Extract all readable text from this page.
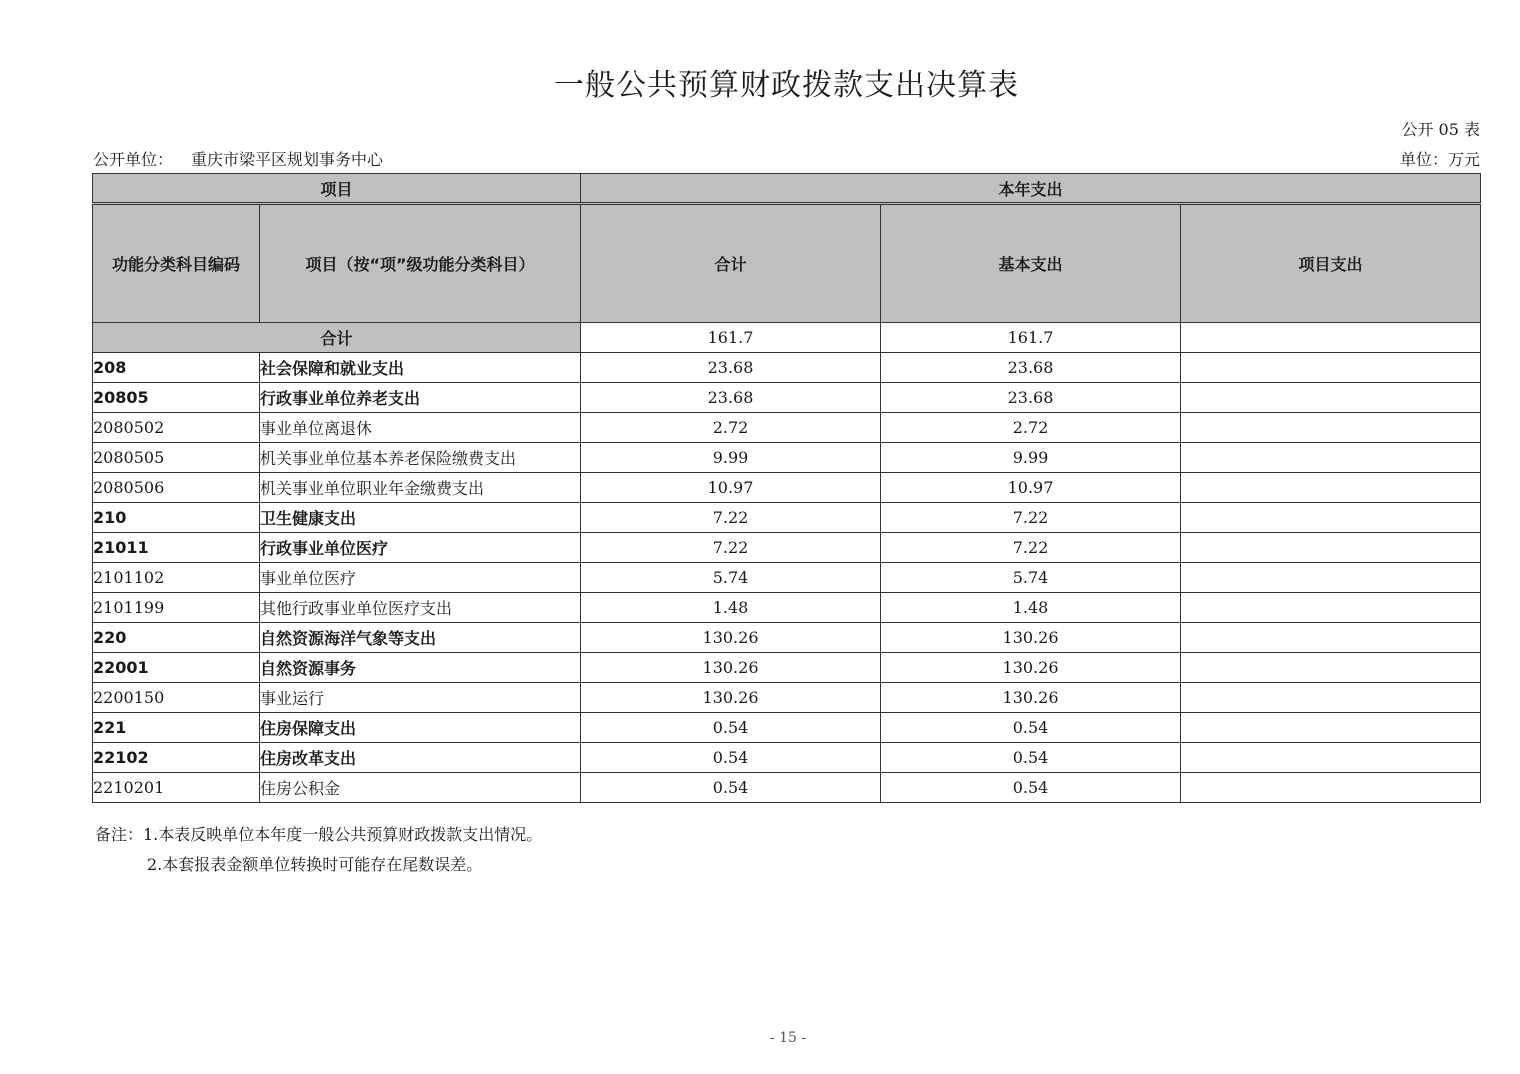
一般公共预算财政拨款支出决算表
公开 05 表
公开单位： 重庆市梁平区规划事务中心	单位：万元
项目		本年支出		
功能分类科目编码	项目（按“项”级功能分类科目）	合计	基本支出	项目支出
合计		161.7	161.7	
208	社会保障和就业支出	23.68	23.68	
20805	行政事业单位养老支出	23.68	23.68	
2080502	事业单位离退休	2.72	2.72	
2080505	机关事业单位基本养老保险缴费支出	9.99	9.99	
2080506	机关事业单位职业年金缴费支出	10.97	10.97	
210	卫生健康支出	7.22	7.22	
21011	行政事业单位医疗	7.22	7.22	
2101102	事业单位医疗	5.74	5.74	
2101199	其他行政事业单位医疗支出	1.48	1.48	
220	自然资源海洋气象等支出	130.26	130.26	
22001	自然资源事务	130.26	130.26	
2200150	事业运行	130.26	130.26	
221	住房保障支出	0.54	0.54	
22102	住房改革支出	0.54	0.54	
2210201	住房公积金	0.54	0.54	
备注：1.本表反映单位本年度一般公共预算财政拨款支出情况。
2.本套报表金额单位转换时可能存在尾数误差。
- 15 -
